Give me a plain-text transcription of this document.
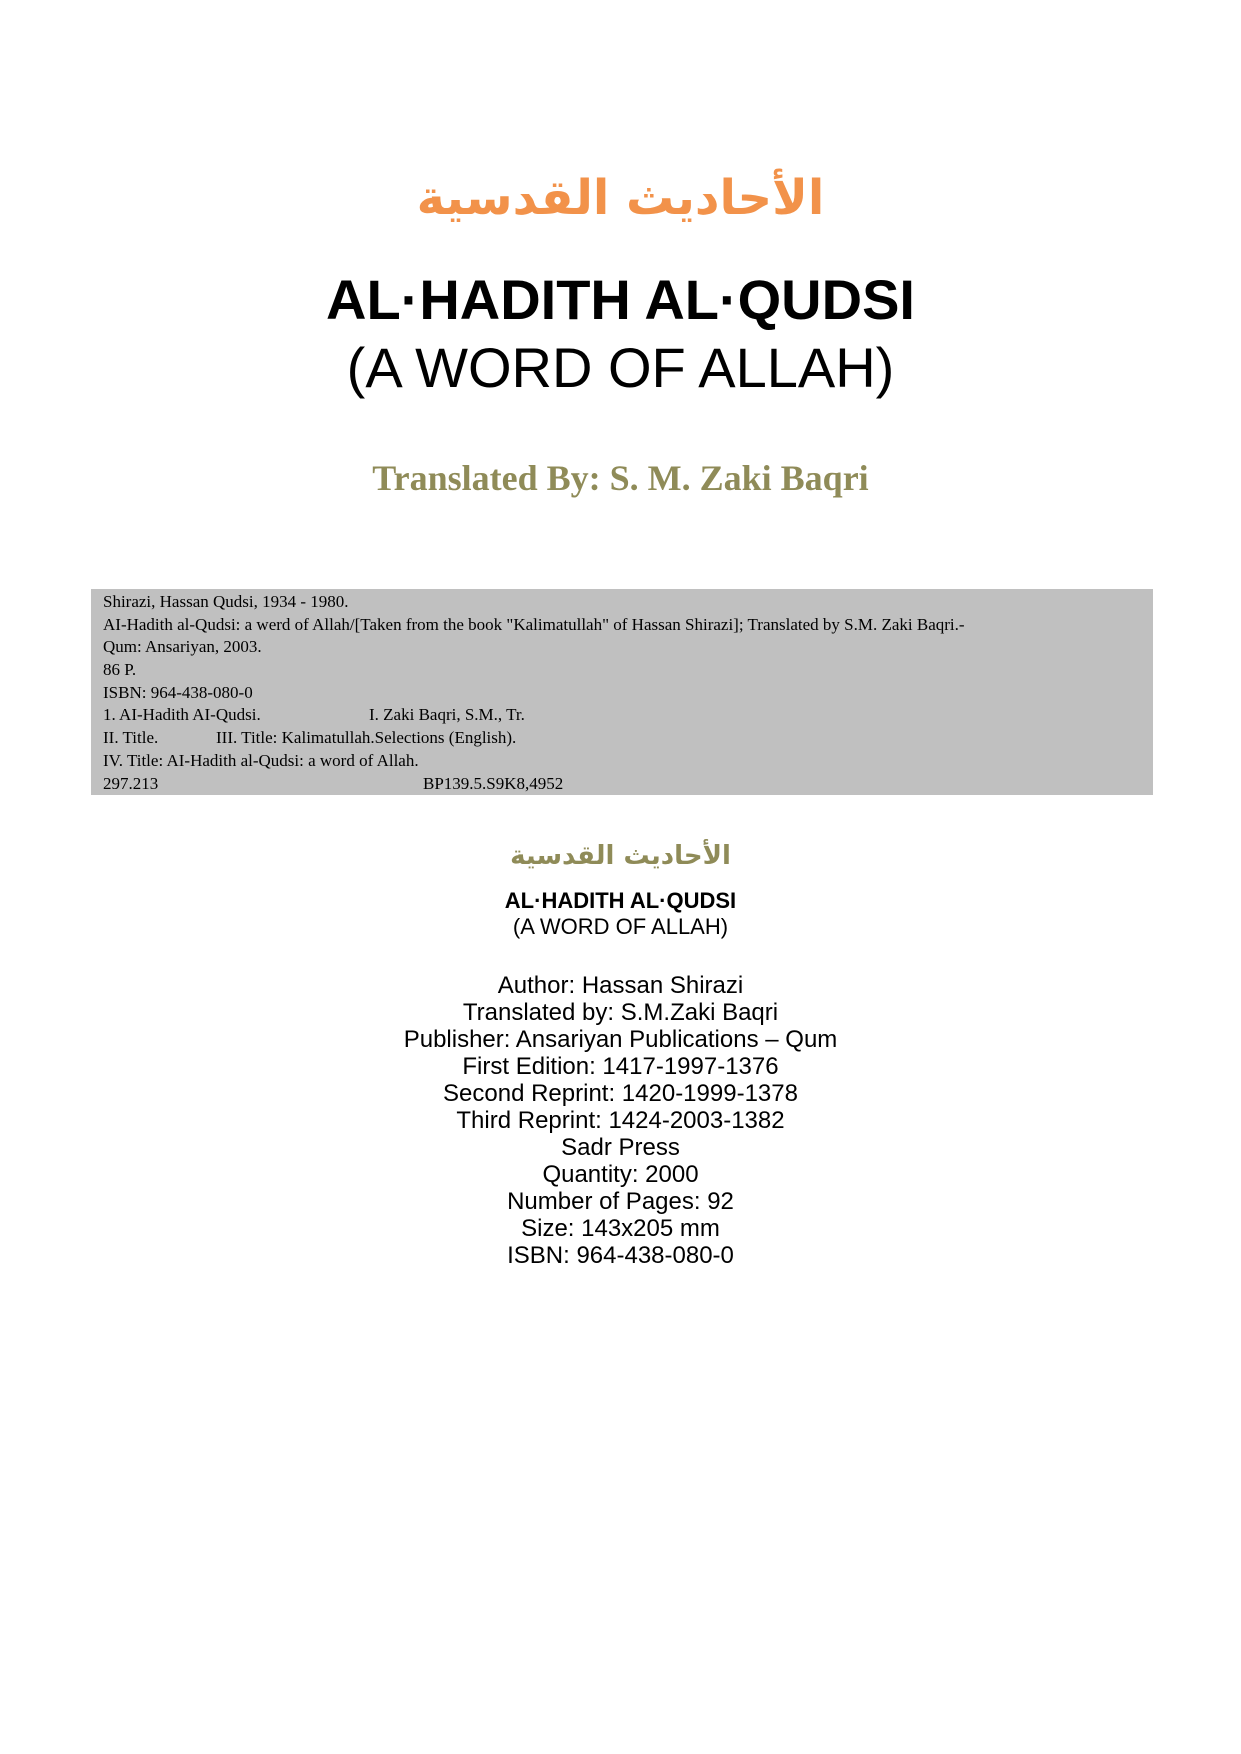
الأحاديث القدسية
AL·HADITH AL·QUDSI
(A WORD OF ALLAH)
Translated By: S. M. Zaki Baqri
Shirazi, Hassan Qudsi, 1934 - 1980.
AI-Hadith al-Qudsi: a werd of Allah/[Taken from the book "Kalimatullah" of Hassan Shirazi]; Translated by S.M. Zaki Baqri.-
Qum: Ansariyan, 2003.
86 P.
ISBN: 964-438-080-0
1. AI-Hadith AI-Qudsi.	I. Zaki Baqri, S.M., Tr.
II. Title.	III. Title: Kalimatullah.Selections (English).
IV. Title: AI-Hadith al-Qudsi: a word of Allah.
297.213	BP139.5.S9K8,4952
الأحاديث القدسية
AL·HADITH AL·QUDSI
(A WORD OF ALLAH)
Author: Hassan Shirazi
Translated by: S.M.Zaki Baqri
Publisher: Ansariyan Publications – Qum
First Edition: 1417-1997-1376
Second Reprint: 1420-1999-1378
Third Reprint: 1424-2003-1382
Sadr Press
Quantity: 2000
Number of Pages: 92
Size: 143x205 mm
ISBN: 964-438-080-0
